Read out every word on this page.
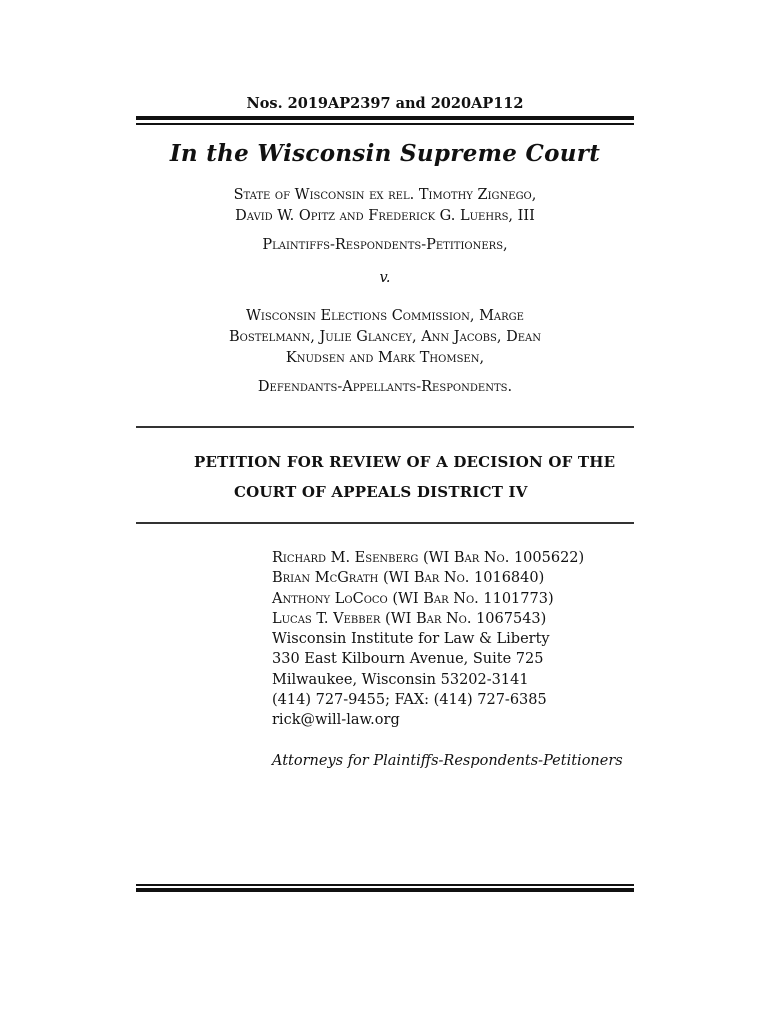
Nos. 2019AP2397 and 2020AP112
In the Wisconsin Supreme Court
State of Wisconsin ex rel. Timothy Zignego,
David W. Opitz and Frederick G. Luehrs, III
Plaintiffs-Respondents-Petitioners,
v.
Wisconsin Elections Commission, Marge
Bostelmann, Julie Glancey, Ann Jacobs, Dean
Knudsen and Mark Thomsen,
Defendants-Appellants-Respondents.
PETITION FOR REVIEW OF A DECISION OF THE
COURT OF APPEALS DISTRICT IV
Richard M. Esenberg (WI Bar No. 1005622)
Brian McGrath (WI Bar No. 1016840)
Anthony LoCoco (WI Bar No. 1101773)
Lucas T. Vebber (WI Bar No. 1067543)
Wisconsin Institute for Law & Liberty
330 East Kilbourn Avenue, Suite 725
Milwaukee, Wisconsin 53202-3141
(414) 727-9455; FAX: (414) 727-6385
rick@will-law.org
Attorneys for Plaintiffs-Respondents-Petitioners
